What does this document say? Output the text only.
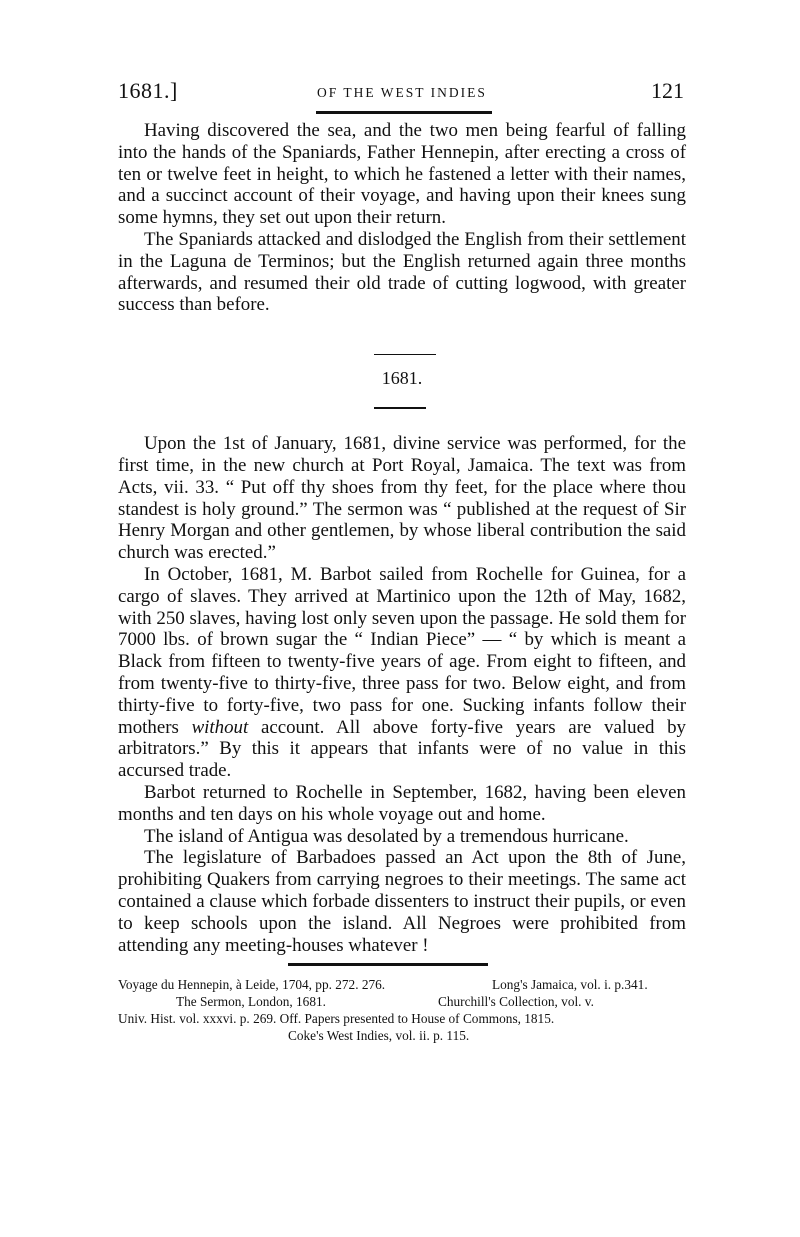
1681.]	OF THE WEST INDIES	121

Having discovered the sea, and the two men being fearful of falling into the hands of the Spaniards, Father Hennepin, after erecting a cross of ten or twelve feet in height, to which he fastened a letter with their names, and a succinct account of their voyage, and having upon their knees sung some hymns, they set out upon their return.

The Spaniards attacked and dislodged the English from their settlement in the Laguna de Terminos; but the English returned again three months afterwards, and resumed their old trade of cutting logwood, with greater success than before.

1681.

Upon the 1st of January, 1681, divine service was performed, for the first time, in the new church at Port Royal, Jamaica. The text was from Acts, vii. 33. “ Put off thy shoes from thy feet, for the place where thou standest is holy ground.” The sermon was “ published at the request of Sir Henry Morgan and other gentlemen, by whose liberal contribution the said church was erected.”

In October, 1681, M. Barbot sailed from Rochelle for Guinea, for a cargo of slaves. They arrived at Martinico upon the 12th of May, 1682, with 250 slaves, having lost only seven upon the passage. He sold them for 7000 lbs. of brown sugar the “ Indian Piece” — “ by which is meant a Black from fifteen to twenty-five years of age. From eight to fifteen, and from twenty-five to thirty-five, three pass for two. Below eight, and from thirty-five to forty-five, two pass for one. Sucking infants follow their mothers without account. All above forty-five years are valued by arbitrators.” By this it appears that infants were of no value in this accursed trade.

Barbot returned to Rochelle in September, 1682, having been eleven months and ten days on his whole voyage out and home.

The island of Antigua was desolated by a tremendous hurricane.

The legislature of Barbadoes passed an Act upon the 8th of June, prohibiting Quakers from carrying negroes to their meetings. The same act contained a clause which forbade dissenters to instruct their pupils, or even to keep schools upon the island. All Negroes were prohibited from attending any meeting-houses whatever !

Voyage du Hennepin, à Leide, 1704, pp. 272. 276.	Long's Jamaica, vol. i. p.341.
The Sermon, London, 1681.	Churchill's Collection, vol. v.
Univ. Hist. vol. xxxvi. p. 269. Off. Papers presented to House of Commons, 1815.
Coke's West Indies, vol. ii. p. 115.
